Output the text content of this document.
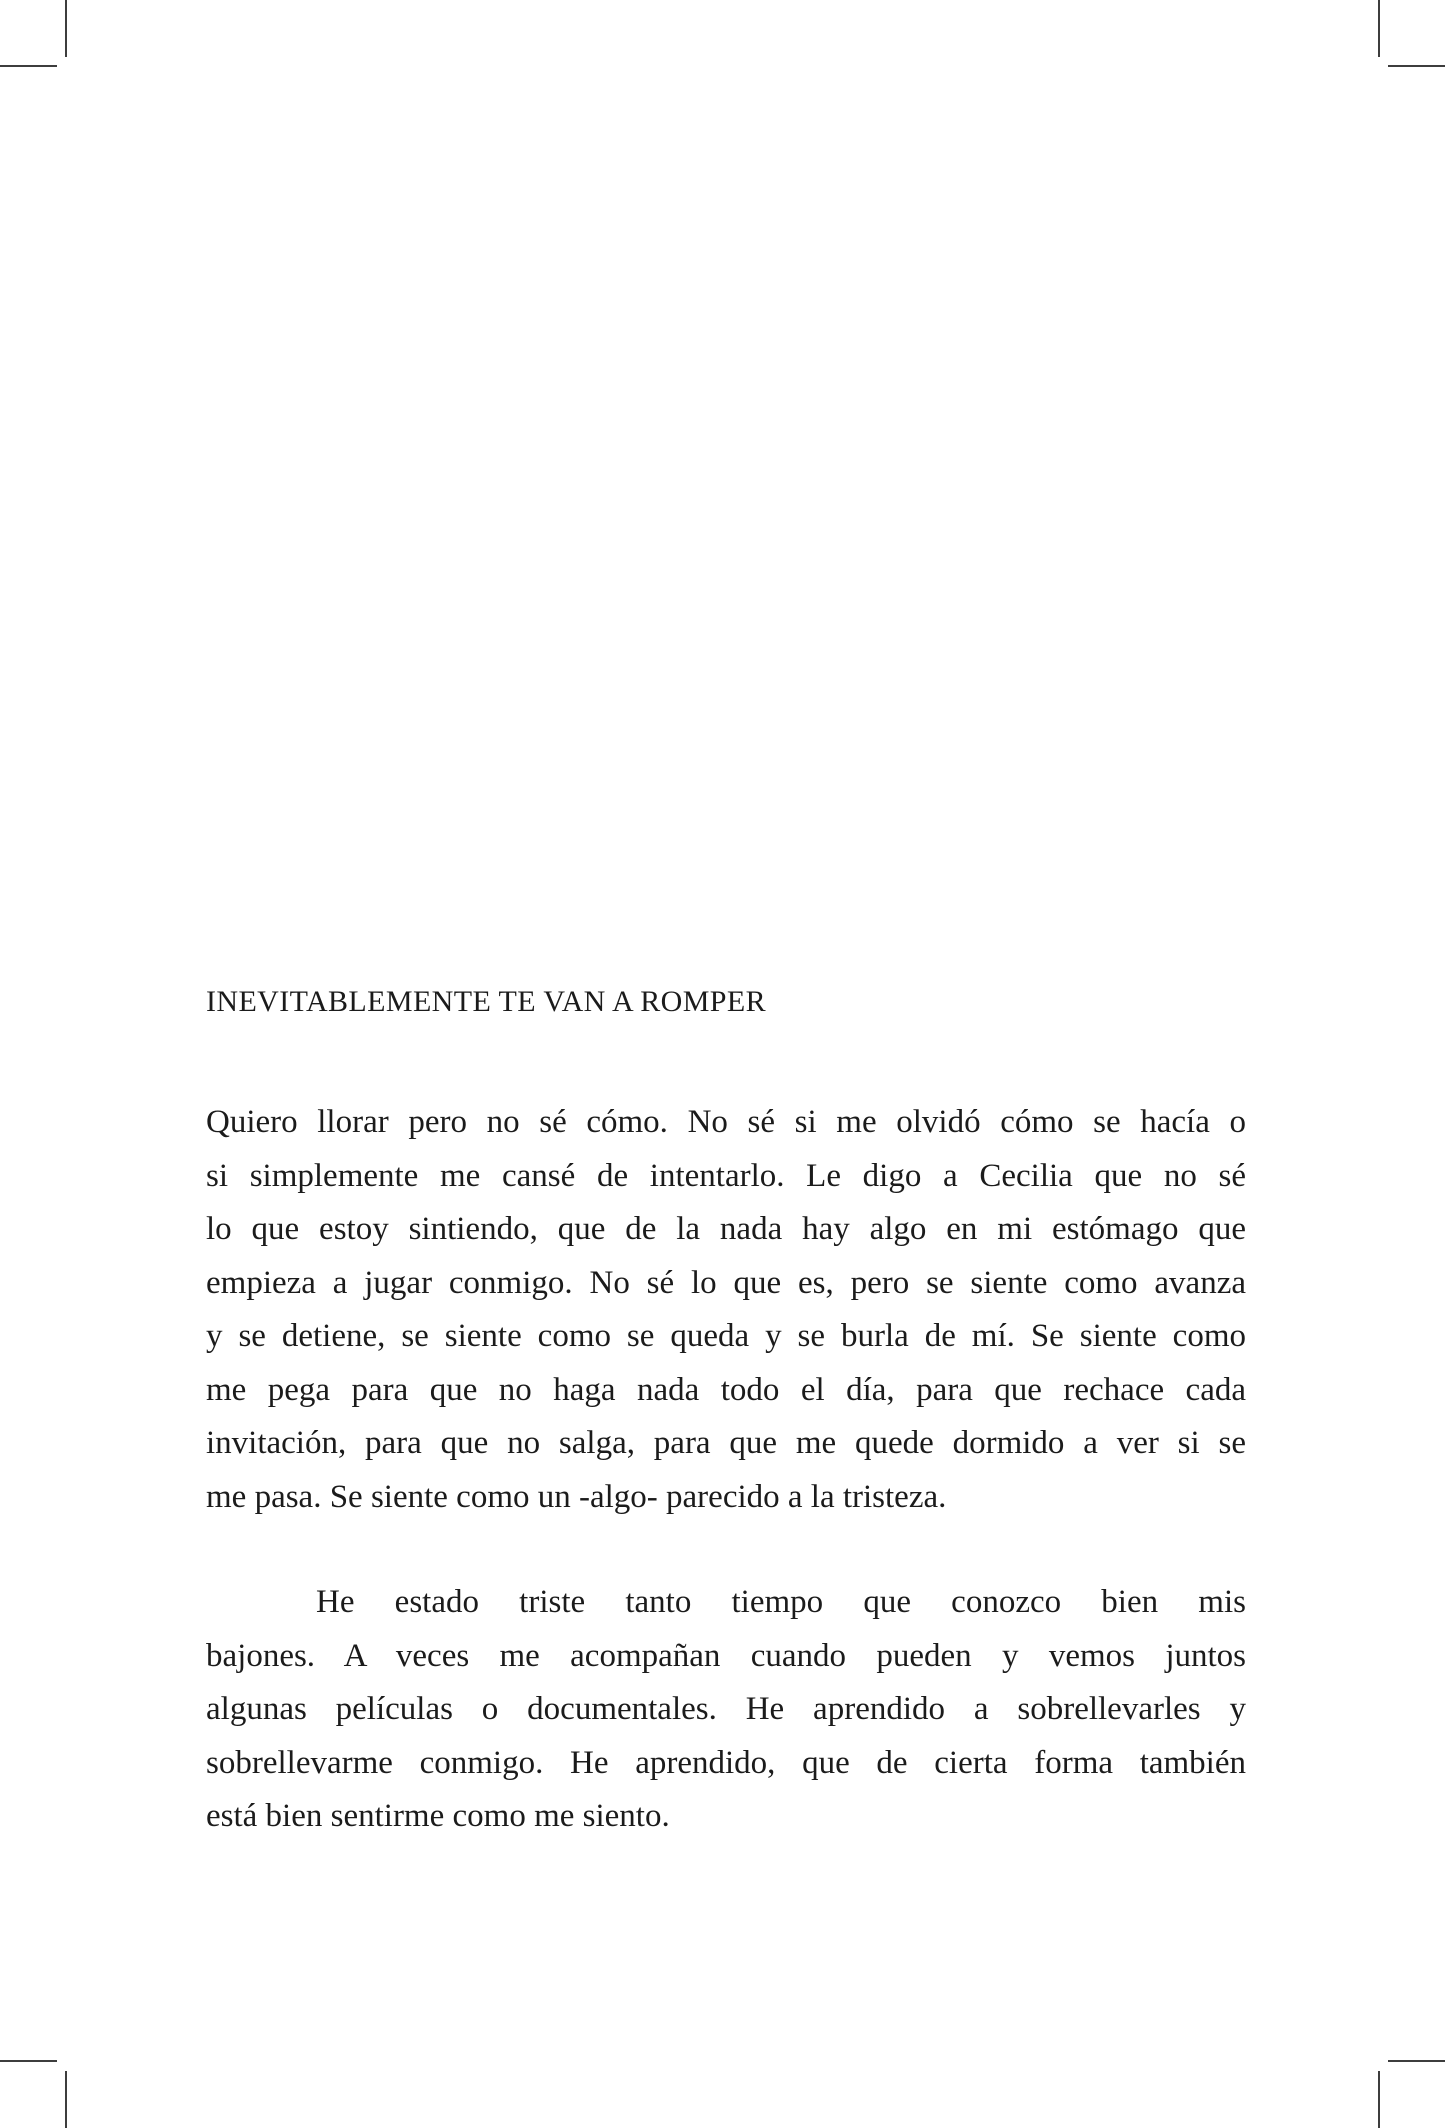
INEVITABLEMENTE TE VAN A ROMPER
Quiero llorar pero no sé cómo. No sé si me olvidó cómo se hacía o
si simplemente me cansé de intentarlo. Le digo a Cecilia que no sé
lo que estoy sintiendo, que de la nada hay algo en mi estómago que
empieza a jugar conmigo. No sé lo que es, pero se siente como avanza
y se detiene, se siente como se queda y se burla de mí. Se siente como
me pega para que no haga nada todo el día, para que rechace cada
invitación, para que no salga, para que me quede dormido a ver si se
me pasa. Se siente como un -algo- parecido a la tristeza.
He estado triste tanto tiempo que conozco bien mis
bajones. A veces me acompañan cuando pueden y vemos juntos
algunas películas o documentales. He aprendido a sobrellevarles y
sobrellevarme conmigo. He aprendido, que de cierta forma también
está bien sentirme como me siento.
